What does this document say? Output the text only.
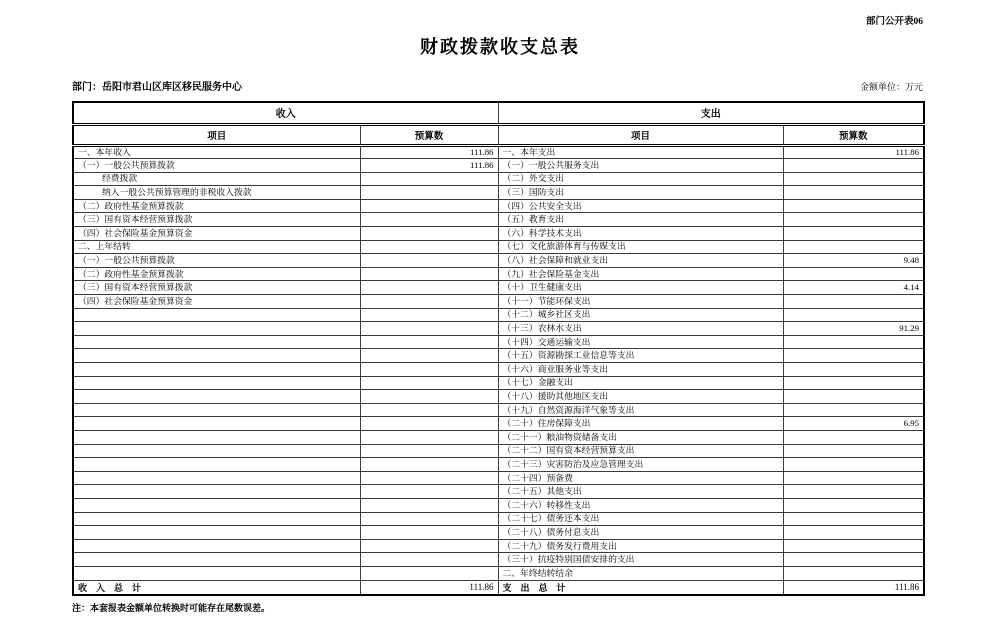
部门公开表06
财政拨款收支总表
部门：岳阳市君山区库区移民服务中心	金额单位：万元
收入		支出	
项目	预算数	项目	预算数
一、本年收入	111.86	一、本年支出	111.86
（一）一般公共预算拨款	111.86	（一）一般公共服务支出	
经费拨款		（二）外交支出	
纳入一般公共预算管理的非税收入拨款		（三）国防支出	
（二）政府性基金预算拨款		（四）公共安全支出	
（三）国有资本经营预算拨款		（五）教育支出	
（四）社会保险基金预算资金		（六）科学技术支出	
二、上年结转		（七）文化旅游体育与传媒支出	
（一）一般公共预算拨款		（八）社会保障和就业支出	9.48
（二）政府性基金预算拨款		（九）社会保险基金支出	
（三）国有资本经营预算拨款		（十）卫生健康支出	4.14
（四）社会保险基金预算资金		（十一）节能环保支出	
		（十二）城乡社区支出	
		（十三）农林水支出	91.29
		（十四）交通运输支出	
		（十五）资源勘探工业信息等支出	
		（十六）商业服务业等支出	
		（十七）金融支出	
		（十八）援助其他地区支出	
		（十九）自然资源海洋气象等支出	
		（二十）住房保障支出	6.95
		（二十一）粮油物资储备支出	
		（二十二）国有资本经营预算支出	
		（二十三）灾害防治及应急管理支出	
		（二十四）预备费	
		（二十五）其他支出	
		（二十六）转移性支出	
		（二十七）债务还本支出	
		（二十八）债务付息支出	
		（二十九）债务发行费用支出	
		（三十）抗疫特别国债安排的支出	
		二、年终结转结余	
收　入　总　计	111.86	支　出　总　计	111.86
注：本套报表金额单位转换时可能存在尾数误差。
